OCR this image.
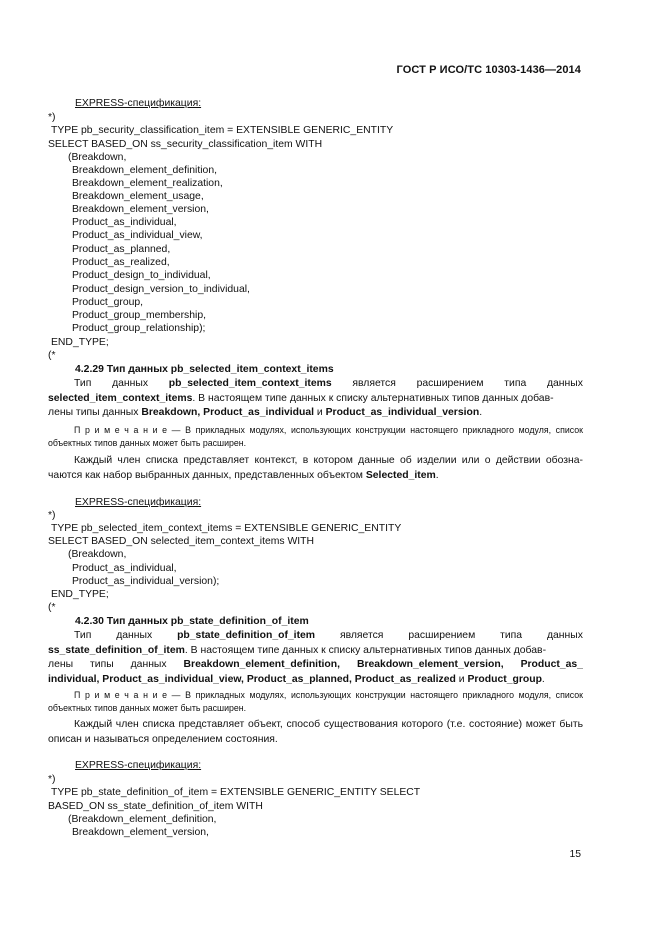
ГОСТ Р ИСО/ТС 10303-1436—2014
EXPRESS-спецификация:
*)
TYPE pb_security_classification_item = EXTENSIBLE GENERIC_ENTITY
SELECT BASED_ON ss_security_classification_item WITH
(Breakdown,
Breakdown_element_definition,
Breakdown_element_realization,
Breakdown_element_usage,
Breakdown_element_version,
Product_as_individual,
Product_as_individual_view,
Product_as_planned,
Product_as_realized,
Product_design_to_individual,
Product_design_version_to_individual,
Product_group,
Product_group_membership,
Product_group_relationship);
END_TYPE;
(*
4.2.29 Тип данных pb_selected_item_context_items
Тип данных pb_selected_item_context_items является расширением типа данных
selected_item_context_items. В настоящем типе данных к списку альтернативных типов данных добав-
лены типы данных Breakdown, Product_as_individual и Product_as_individual_version.
П р и м е ч а н и е — В прикладных модулях, использующих конструкции настоящего прикладного модуля, список объектных типов данных может быть расширен.
Каждый член списка представляет контекст, в котором данные об изделии или о действии обозна-чаются как набор выбранных данных, представленных объектом Selected_item.
EXPRESS-спецификация:
*)
TYPE pb_selected_item_context_items = EXTENSIBLE GENERIC_ENTITY
SELECT BASED_ON selected_item_context_items WITH
(Breakdown,
Product_as_individual,
Product_as_individual_version);
END_TYPE;
(*
4.2.30 Тип данных pb_state_definition_of_item
Тип данных pb_state_definition_of_item является расширением типа данных
ss_state_definition_of_item. В настоящем типе данных к списку альтернативных типов данных добав-
лены типы данных Breakdown_element_definition, Breakdown_element_version, Product_as_
individual, Product_as_individual_view, Product_as_planned, Product_as_realized и Product_group.
П р и м е ч а н и е — В прикладных модулях, использующих конструкции настоящего прикладного модуля, список объектных типов данных может быть расширен.
Каждый член списка представляет объект, способ существования которого (т.е. состояние) может быть описан и называться определением состояния.
EXPRESS-спецификация:
*)
TYPE pb_state_definition_of_item = EXTENSIBLE GENERIC_ENTITY SELECT
BASED_ON ss_state_definition_of_item WITH
(Breakdown_element_definition,
Breakdown_element_version,
15
